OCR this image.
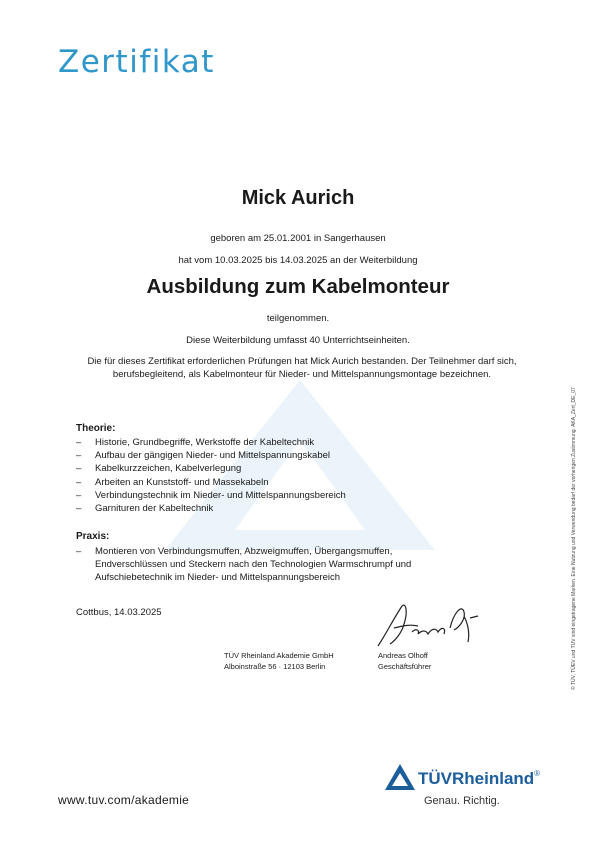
Zertifikat
Mick Aurich
geboren am 25.01.2001 in Sangerhausen
hat vom 10.03.2025 bis 14.03.2025 an der Weiterbildung
Ausbildung zum Kabelmonteur
teilgenommen.
Diese Weiterbildung umfasst 40 Unterrichtseinheiten.
Die für dieses Zertifikat erforderlichen Prüfungen hat Mick Aurich bestanden. Der Teilnehmer darf sich, berufsbegleitend, als Kabelmonteur für Nieder- und Mittelspannungsmontage bezeichnen.
Theorie:
– Historie, Grundbegriffe, Werkstoffe der Kabeltechnik
– Aufbau der gängigen Nieder- und Mittelspannungskabel
– Kabelkurzzeichen, Kabelverlegung
– Arbeiten an Kunststoff- und Massekabeln
– Verbindungstechnik im Nieder- und Mittelspannungsbereich
– Garnituren der Kabeltechnik
Praxis:
– Montieren von Verbindungsmuffen, Abzweigmuffen, Übergangsmuffen, Endverschlüssen und Steckern nach den Technologien Warmschrumpf und Aufschiebetechnik im Nieder- und Mittelspannungsbereich
Cottbus, 14.03.2025
TÜV Rheinland Akademie GmbH
Alboinstraße 56 · 12103 Berlin
Andreas Olhoff
Geschäftsführer
www.tuv.com/akademie
© TÜV, TÜEV und TUV sind eingetragene Marken. Eine Nutzung und Verwendung bedarf der vorherigen Zustimmung. AKA_Zert_DE_07
TÜVRheinland®
Genau. Richtig.
